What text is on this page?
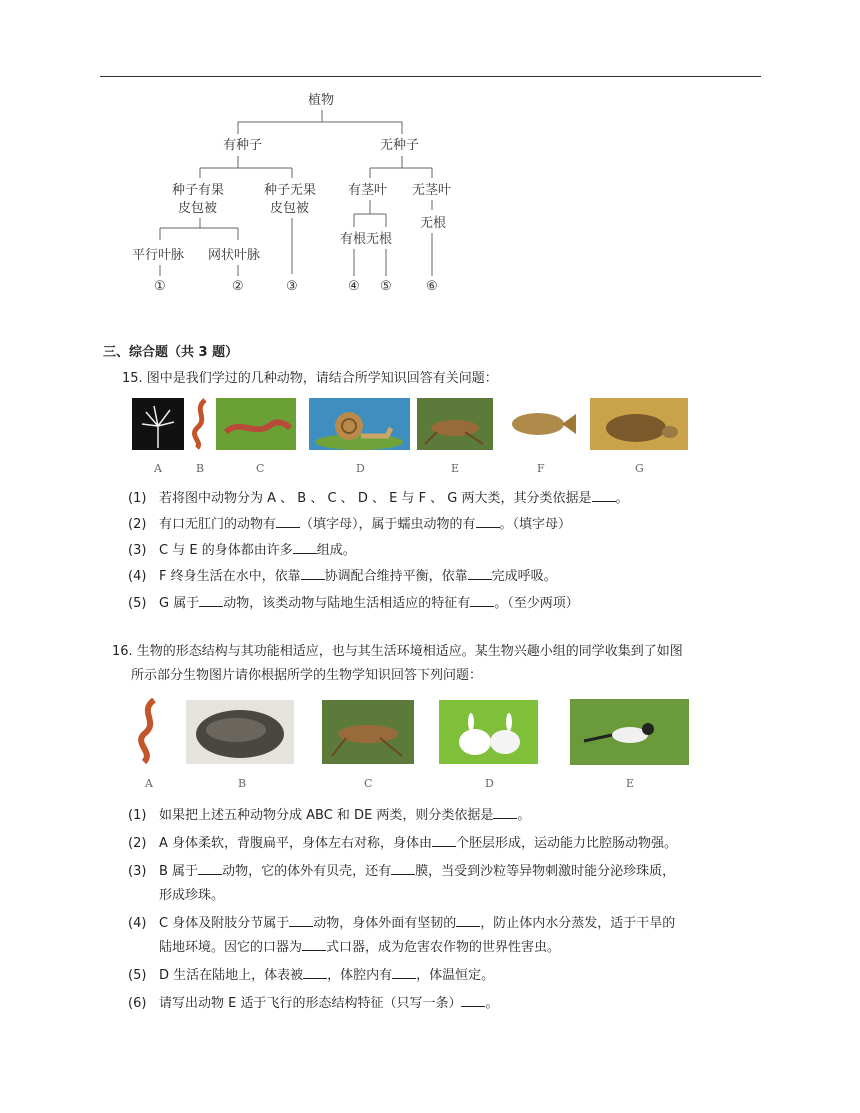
植物
有种子	无种子
种子有果
皮包被
种子无果
皮包被
有茎叶 无茎叶
无根
有根无根
平行叶脉 网状叶脉
①	②	③	④ ⑤	⑥
三、综合题（共 3 题）
15. 图中是我们学过的几种动物，请结合所学知识回答有关问题：
A	B	C	D	E	F	G
(1) 若将图中动物分为 A 、 B 、 C 、 D 、 E 与 F 、 G 两大类，其分类依据是 。
(2) 有口无肛门的动物有 （填字母），属于蠕虫动物的有 。（填字母）
(3) C 与 E 的身体都由许多 组成。
(4) F 终身生活在水中，依靠 协调配合维持平衡，依靠 完成呼吸。
(5) G 属于 动物，该类动物与陆地生活相适应的特征有 。（至少两项）
16. 生物的形态结构与其功能相适应，也与其生活环境相适应。某生物兴趣小组的同学收集到了如图
所示部分生物图片请你根据所学的生物学知识回答下列问题：
A	B	C	D	E
(1) 如果把上述五种动物分成 ABC 和 DE 两类，则分类依据是 。
(2) A 身体柔软，背腹扁平，身体左右对称，身体由 个胚层形成，运动能力比腔肠动物强。
(3) B 属于 动物，它的体外有贝壳，还有 膜，当受到沙粒等异物刺激时能分泌珍珠质，
形成珍珠。
(4) C 身体及附肢分节属于 动物，身体外面有坚韧的 ，防止体内水分蒸发，适于干旱的
陆地环境。因它的口器为 式口器，成为危害农作物的世界性害虫。
(5) D 生活在陆地上，体表被 ，体腔内有 ，体温恒定。
(6) 请写出动物 E 适于飞行的形态结构特征（只写一条） 。
